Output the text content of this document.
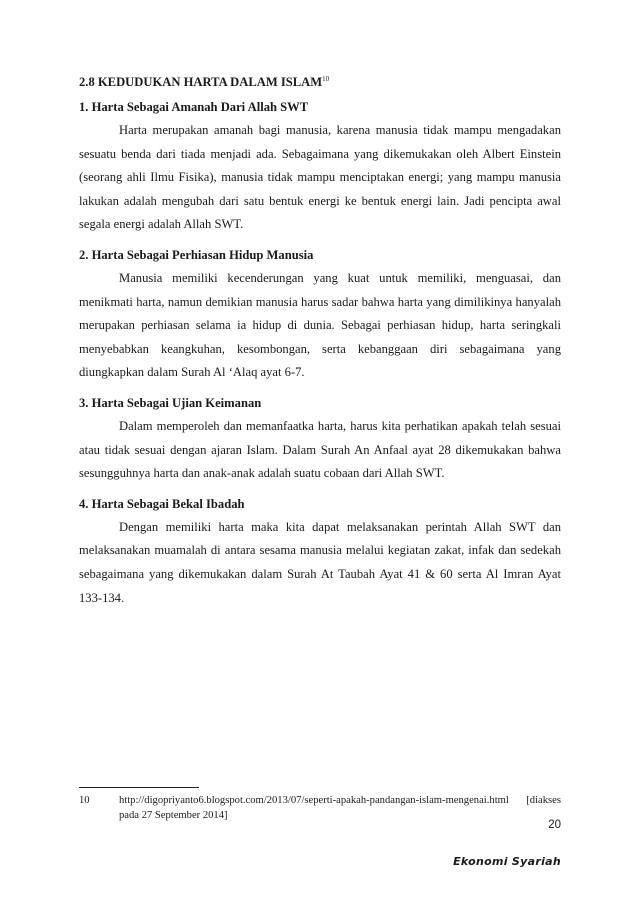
2.8 KEDUDUKAN HARTA DALAM ISLAM$^{10}$
1. Harta Sebagai Amanah Dari Allah SWT

Harta merupakan amanah bagi manusia, karena manusia tidak mampu mengadakan sesuatu benda dari tiada menjadi ada. Sebagaimana yang dikemukakan oleh Albert Einstein (seorang ahli Ilmu Fisika), manusia tidak mampu menciptakan energi; yang mampu manusia lakukan adalah mengubah dari satu bentuk energi ke bentuk energi lain. Jadi pencipta awal segala energi adalah Allah SWT.

2. Harta Sebagai Perhiasan Hidup Manusia

Manusia memiliki kecenderungan yang kuat untuk memiliki, menguasai, dan menikmati harta, namun demikian manusia harus sadar bahwa harta yang dimilikinya hanyalah merupakan perhiasan selama ia hidup di dunia. Sebagai perhiasan hidup, harta seringkali menyebabkan keangkuhan, kesombongan, serta kebanggaan diri sebagaimana yang diungkapkan dalam Surah Al ‘Alaq ayat 6-7.

3. Harta Sebagai Ujian Keimanan

Dalam memperoleh dan memanfaatka harta, harus kita perhatikan apakah telah sesuai atau tidak sesuai dengan ajaran Islam. Dalam Surah An Anfaal ayat 28 dikemukakan bahwa sesungguhnya harta dan anak-anak adalah suatu cobaan dari Allah SWT.

4. Harta Sebagai Bekal Ibadah

Dengan memiliki harta maka kita dapat melaksanakan perintah Allah SWT dan melaksanakan muamalah di antara sesama manusia melalui kegiatan zakat, infak dan sedekah sebagaimana yang dikemukakan dalam Surah At Taubah Ayat 41 & 60 serta Al Imran Ayat 133-134.

10	http://digopriyanto6.blogspot.com/2013/07/seperti-apakah-pandangan-islam-mengenai.html [diakses pada 27 September 2014]
20
Ekonomi Syariah
